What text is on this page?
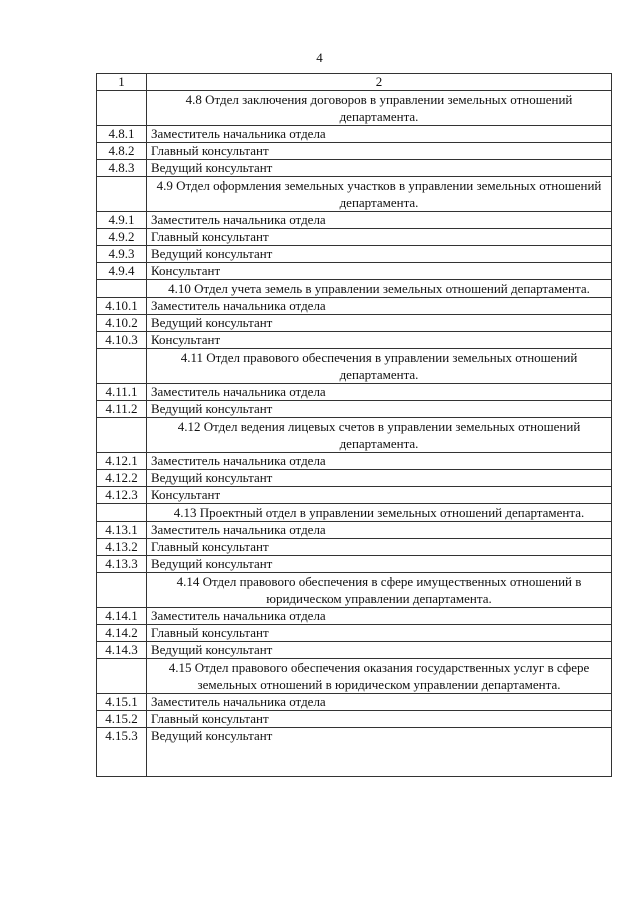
4
1	2
	4.8 Отдел заключения договоров в управлении земельных отношений департамента.
4.8.1	Заместитель начальника отдела
4.8.2	Главный консультант
4.8.3	Ведущий консультант
	4.9 Отдел оформления земельных участков в управлении земельных отношений департамента.
4.9.1	Заместитель начальника отдела
4.9.2	Главный консультант
4.9.3	Ведущий консультант
4.9.4	Консультант
	4.10 Отдел учета земель в управлении земельных отношений департамента.
4.10.1	Заместитель начальника отдела
4.10.2	Ведущий консультант
4.10.3	Консультант
	4.11 Отдел правового обеспечения в управлении земельных отношений департамента.
4.11.1	Заместитель начальника отдела
4.11.2	Ведущий консультант
	4.12 Отдел ведения лицевых счетов в управлении земельных отношений департамента.
4.12.1	Заместитель начальника отдела
4.12.2	Ведущий консультант
4.12.3	Консультант
	4.13 Проектный отдел в управлении земельных отношений департамента.
4.13.1	Заместитель начальника отдела
4.13.2	Главный консультант
4.13.3	Ведущий консультант
	4.14 Отдел правового обеспечения в сфере имущественных отношений в юридическом управлении департамента.
4.14.1	Заместитель начальника отдела
4.14.2	Главный консультант
4.14.3	Ведущий консультант
	4.15 Отдел правового обеспечения оказания государственных услуг в сфере земельных отношений в юридическом управлении департамента.
4.15.1	Заместитель начальника отдела
4.15.2	Главный консультант
4.15.3	Ведущий консультант
